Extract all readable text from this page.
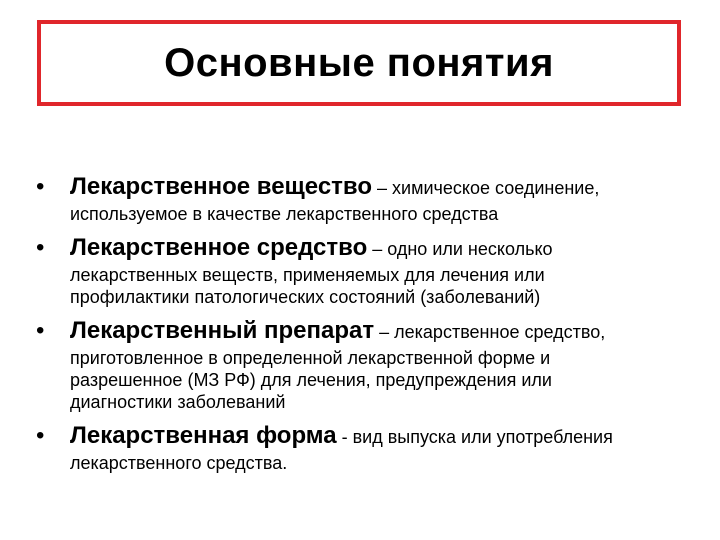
Основные понятия
• Лекарственное вещество – химическое соединение,
используемое в качестве лекарственного средства
• Лекарственное средство – одно или несколько
лекарственных веществ, применяемых для лечения или
профилактики патологических состояний (заболеваний)
• Лекарственный препарат – лекарственное средство,
приготовленное в определенной лекарственной форме и
разрешенное (МЗ РФ) для лечения, предупреждения или
диагностики заболеваний
• Лекарственная форма - вид выпуска или употребления
лекарственного средства.
